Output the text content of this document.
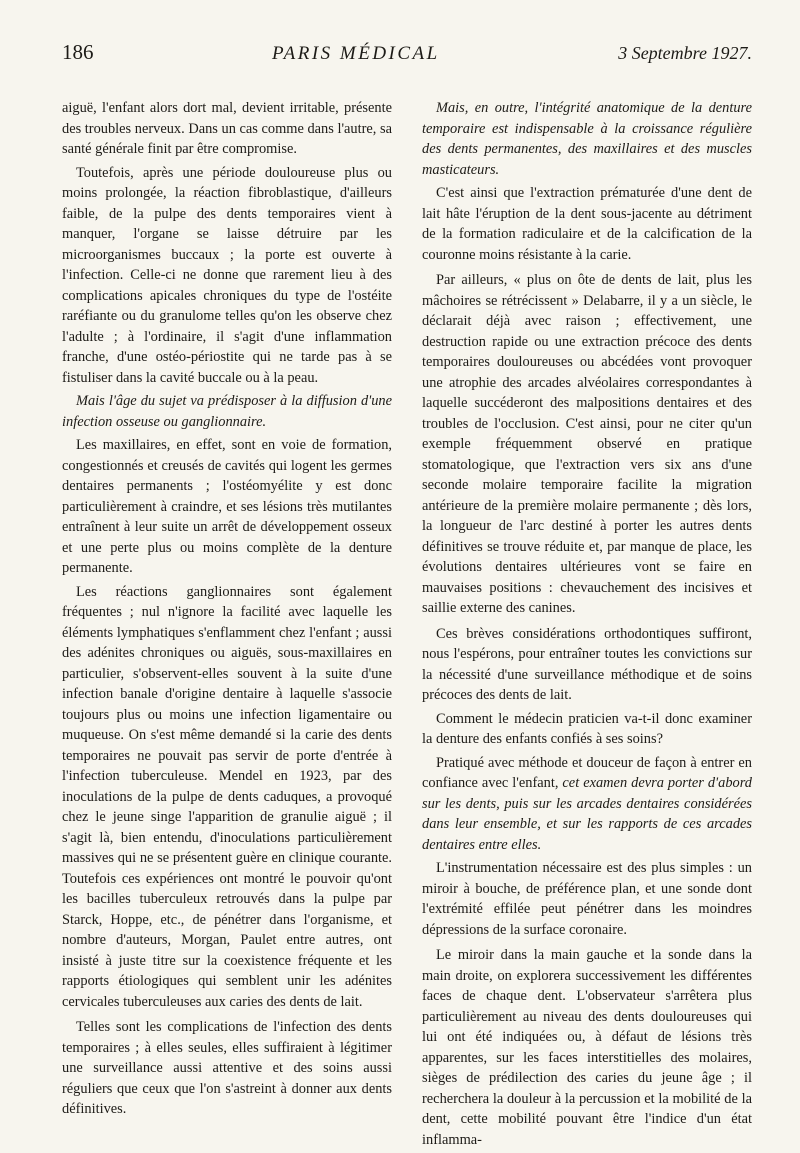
186	PARIS MÉDICAL	3 Septembre 1927.

aiguë, l'enfant alors dort mal, devient irritable, présente des troubles nerveux. Dans un cas comme dans l'autre, sa santé générale finit par être compromise.

Toutefois, après une période douloureuse plus ou moins prolongée, la réaction fibroblastique, d'ailleurs faible, de la pulpe des dents temporaires vient à manquer, l'organe se laisse détruire par les microorganismes buccaux ; la porte est ouverte à l'infection. Celle-ci ne donne que rarement lieu à des complications apicales chroniques du type de l'ostéite raréfiante ou du granulome telles qu'on les observe chez l'adulte ; à l'ordinaire, il s'agit d'une inflammation franche, d'une ostéo-périostite qui ne tarde pas à se fistuliser dans la cavité buccale ou à la peau.

Mais l'âge du sujet va prédisposer à la diffusion d'une infection osseuse ou ganglionnaire.

Les maxillaires, en effet, sont en voie de formation, congestionnés et creusés de cavités qui logent les germes dentaires permanents ; l'ostéomyélite y est donc particulièrement à craindre, et ses lésions très mutilantes entraînent à leur suite un arrêt de développement osseux et une perte plus ou moins complète de la denture permanente.

Les réactions ganglionnaires sont également fréquentes ; nul n'ignore la facilité avec laquelle les éléments lymphatiques s'enflamment chez l'enfant ; aussi des adénites chroniques ou aiguës, sous-maxillaires en particulier, s'observent-elles souvent à la suite d'une infection banale d'origine dentaire à laquelle s'associe toujours plus ou moins une infection ligamentaire ou muqueuse. On s'est même demandé si la carie des dents temporaires ne pouvait pas servir de porte d'entrée à l'infection tuberculeuse. Mendel en 1923, par des inoculations de la pulpe de dents caduques, a provoqué chez le jeune singe l'apparition de granulie aiguë ; il s'agit là, bien entendu, d'inoculations particulièrement massives qui ne se présentent guère en clinique courante. Toutefois ces expériences ont montré le pouvoir qu'ont les bacilles tuberculeux retrouvés dans la pulpe par Starck, Hoppe, etc., de pénétrer dans l'organisme, et nombre d'auteurs, Morgan, Paulet entre autres, ont insisté à juste titre sur la coexistence fréquente et les rapports étiologiques qui semblent unir les adénites cervicales tuberculeuses aux caries des dents de lait.

Telles sont les complications de l'infection des dents temporaires ; à elles seules, elles suffiraient à légitimer une surveillance aussi attentive et des soins aussi réguliers que ceux que l'on s'astreint à donner aux dents définitives.

Mais, en outre, l'intégrité anatomique de la denture temporaire est indispensable à la croissance régulière des dents permanentes, des maxillaires et des muscles masticateurs.

C'est ainsi que l'extraction prématurée d'une dent de lait hâte l'éruption de la dent sous-jacente au détriment de la formation radiculaire et de la calcification de la couronne moins résistante à la carie.

Par ailleurs, « plus on ôte de dents de lait, plus les mâchoires se rétrécissent » Delabarre, il y a un siècle, le déclarait déjà avec raison ; effectivement, une destruction rapide ou une extraction précoce des dents temporaires douloureuses ou abcédées vont provoquer une atrophie des arcades alvéolaires correspondantes à laquelle succéderont des malpositions dentaires et des troubles de l'occlusion. C'est ainsi, pour ne citer qu'un exemple fréquemment observé en pratique stomatologique, que l'extraction vers six ans d'une seconde molaire temporaire facilite la migration antérieure de la première molaire permanente ; dès lors, la longueur de l'arc destiné à porter les autres dents définitives se trouve réduite et, par manque de place, les évolutions dentaires ultérieures vont se faire en mauvaises positions : chevauchement des incisives et saillie externe des canines.

Ces brèves considérations orthodontiques suffiront, nous l'espérons, pour entraîner toutes les convictions sur la nécessité d'une surveillance méthodique et de soins précoces des dents de lait.

Comment le médecin praticien va-t-il donc examiner la denture des enfants confiés à ses soins?

Pratiqué avec méthode et douceur de façon à entrer en confiance avec l'enfant, cet examen devra porter d'abord sur les dents, puis sur les arcades dentaires considérées dans leur ensemble, et sur les rapports de ces arcades dentaires entre elles.

L'instrumentation nécessaire est des plus simples : un miroir à bouche, de préférence plan, et une sonde dont l'extrémité effilée peut pénétrer dans les moindres dépressions de la surface coronaire.

Le miroir dans la main gauche et la sonde dans la main droite, on explorera successivement les différentes faces de chaque dent. L'observateur s'arrêtera plus particulièrement au niveau des dents douloureuses qui lui ont été indiquées ou, à défaut de lésions très apparentes, sur les faces interstitielles des molaires, sièges de prédilection des caries du jeune âge ; il recherchera la douleur à la percussion et la mobilité de la dent, cette mobilité pouvant être l'indice d'un état inflamma-
